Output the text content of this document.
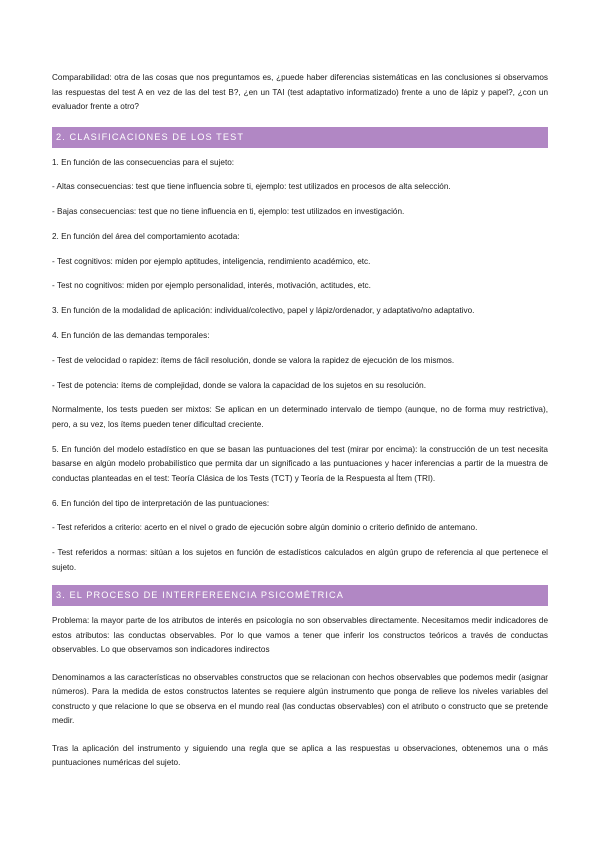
Comparabilidad: otra de las cosas que nos preguntamos es, ¿puede haber diferencias sistemáticas en las conclusiones si observamos las respuestas del test A en vez de las del test B?, ¿en un TAI (test adaptativo informatizado) frente a uno de lápiz y papel?, ¿con un evaluador frente a otro?

2. CLASIFICACIONES DE LOS TEST

1. En función de las consecuencias para el sujeto:

- Altas consecuencias: test que tiene influencia sobre ti, ejemplo: test utilizados en procesos de alta selección.

- Bajas consecuencias: test que no tiene influencia en ti, ejemplo: test utilizados en investigación.

2. En función del área del comportamiento acotada:

- Test cognitivos: miden por ejemplo aptitudes, inteligencia, rendimiento académico, etc.

- Test no cognitivos: miden por ejemplo personalidad, interés, motivación, actitudes, etc.

3. En función de la modalidad de aplicación: individual/colectivo, papel y lápiz/ordenador, y adaptativo/no adaptativo.

4. En función de las demandas temporales:

- Test de velocidad o rapidez: ítems de fácil resolución, donde se valora la rapidez de ejecución de los mismos.

- Test de potencia: ítems de complejidad, donde se valora la capacidad de los sujetos en su resolución.

Normalmente, los tests pueden ser mixtos: Se aplican en un determinado intervalo de tiempo (aunque, no de forma muy restrictiva), pero, a su vez, los ítems pueden tener dificultad creciente.

5. En función del modelo estadístico en que se basan las puntuaciones del test (mirar por encima): la construcción de un test necesita basarse en algún modelo probabilístico que permita dar un significado a las puntuaciones y hacer inferencias a partir de la muestra de conductas planteadas en el test: Teoría Clásica de los Tests (TCT) y Teoría de la Respuesta al Ítem (TRI).

6. En función del tipo de interpretación de las puntuaciones:

- Test referidos a criterio: acerto en el nivel o grado de ejecución sobre algún dominio o criterio definido de antemano.

- Test referidos a normas: sitúan a los sujetos en función de estadísticos calculados en algún grupo de referencia al que pertenece el sujeto.

3. EL PROCESO DE INTERFEREENCIA PSICOMÉTRICA

Problema: la mayor parte de los atributos de interés en psicología no son observables directamente. Necesitamos medir indicadores de estos atributos: las conductas observables. Por lo que vamos a tener que inferir los constructos teóricos a través de conductas observables. Lo que observamos son indicadores indirectos

Denominamos a las características no observables constructos que se relacionan con hechos observables que podemos medir (asignar números). Para la medida de estos constructos latentes se requiere algún instrumento que ponga de relieve los niveles variables del constructo y que relacione lo que se observa en el mundo real (las conductas observables) con el atributo o constructo que se pretende medir.

Tras la aplicación del instrumento y siguiendo una regla que se aplica a las respuestas u observaciones, obtenemos una o más puntuaciones numéricas del sujeto.
